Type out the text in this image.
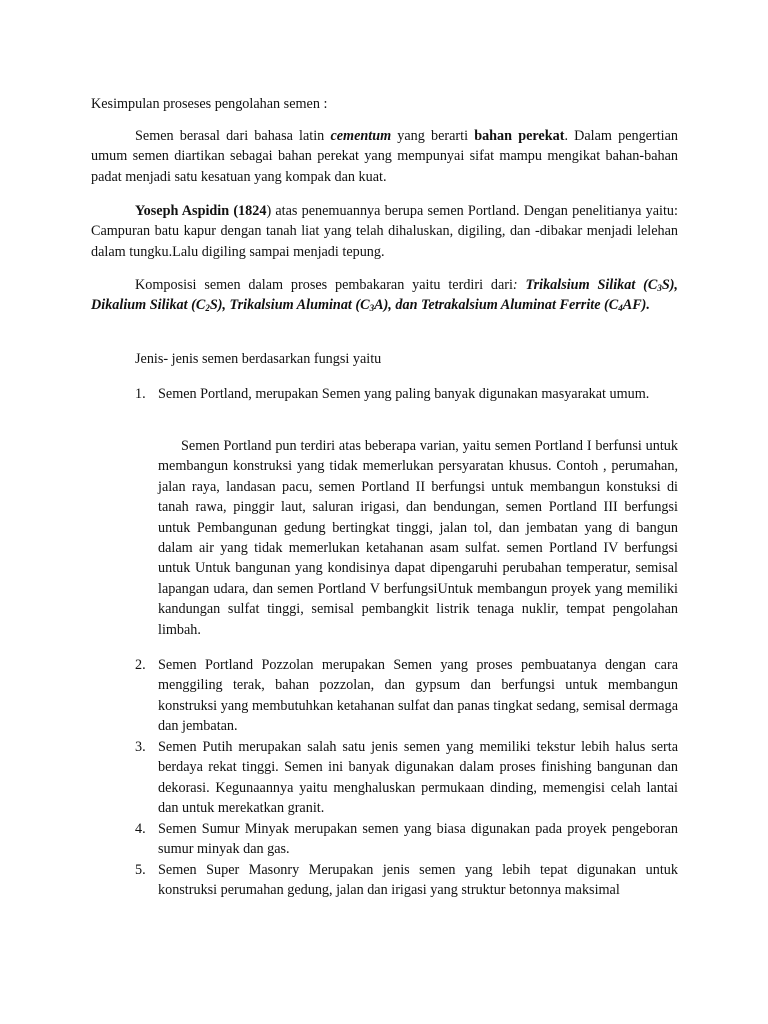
Kesimpulan proseses pengolahan semen :

Semen berasal dari bahasa latin cementum yang berarti bahan perekat. Dalam pengertian umum semen diartikan sebagai bahan perekat yang mempunyai sifat mampu mengikat bahan-bahan padat menjadi satu kesatuan yang kompak dan kuat.

Yoseph Aspidin (1824) atas penemuannya berupa semen Portland. Dengan penelitianya yaitu: Campuran batu kapur dengan tanah liat yang telah dihaluskan, digiling, dan -dibakar menjadi lelehan dalam tungku.Lalu digiling sampai menjadi tepung.

Komposisi semen dalam proses pembakaran yaitu terdiri dari: Trikalsium Silikat $(C_3S)$, Dikalium Silikat $(C_2S)$, Trikalsium Aluminat $(C_3A)$, dan Tetrakalsium Aluminat Ferrite $(C_4AF)$.

Jenis- jenis semen berdasarkan fungsi yaitu
1. Semen Portland, merupakan Semen yang paling banyak digunakan masyarakat umum.

Semen Portland pun terdiri atas beberapa varian, yaitu semen Portland I berfunsi untuk membangun konstruksi yang tidak memerlukan persyaratan khusus. Contoh , perumahan, jalan raya, landasan pacu, semen Portland II berfungsi untuk membangun konstuksi di tanah rawa, pinggir laut, saluran irigasi, dan bendungan, semen Portland III berfungsi untuk Pembangunan gedung bertingkat tinggi, jalan tol, dan jembatan yang di bangun dalam air yang tidak memerlukan ketahanan asam sulfat. semen Portland IV berfungsi untuk Untuk bangunan yang kondisinya dapat dipengaruhi perubahan temperatur, semisal lapangan udara, dan semen Portland V berfungsiUntuk membangun proyek yang memiliki kandungan sulfat tinggi, semisal pembangkit listrik tenaga nuklir, tempat pengolahan limbah.

2. Semen Portland Pozzolan merupakan Semen yang proses pembuatanya dengan cara menggiling terak, bahan pozzolan, dan gypsum dan berfungsi untuk membangun konstruksi yang membutuhkan ketahanan sulfat dan panas tingkat sedang, semisal dermaga dan jembatan.
3. Semen Putih merupakan salah satu jenis semen yang memiliki tekstur lebih halus serta berdaya rekat tinggi. Semen ini banyak digunakan dalam proses finishing bangunan dan dekorasi. Kegunaannya yaitu menghaluskan permukaan dinding, memengisi celah lantai dan untuk merekatkan granit.
4. Semen Sumur Minyak merupakan semen yang biasa digunakan pada proyek pengeboran sumur minyak dan gas.
5. Semen Super Masonry Merupakan jenis semen yang lebih tepat digunakan untuk konstruksi perumahan gedung, jalan dan irigasi yang struktur betonnya maksimal
